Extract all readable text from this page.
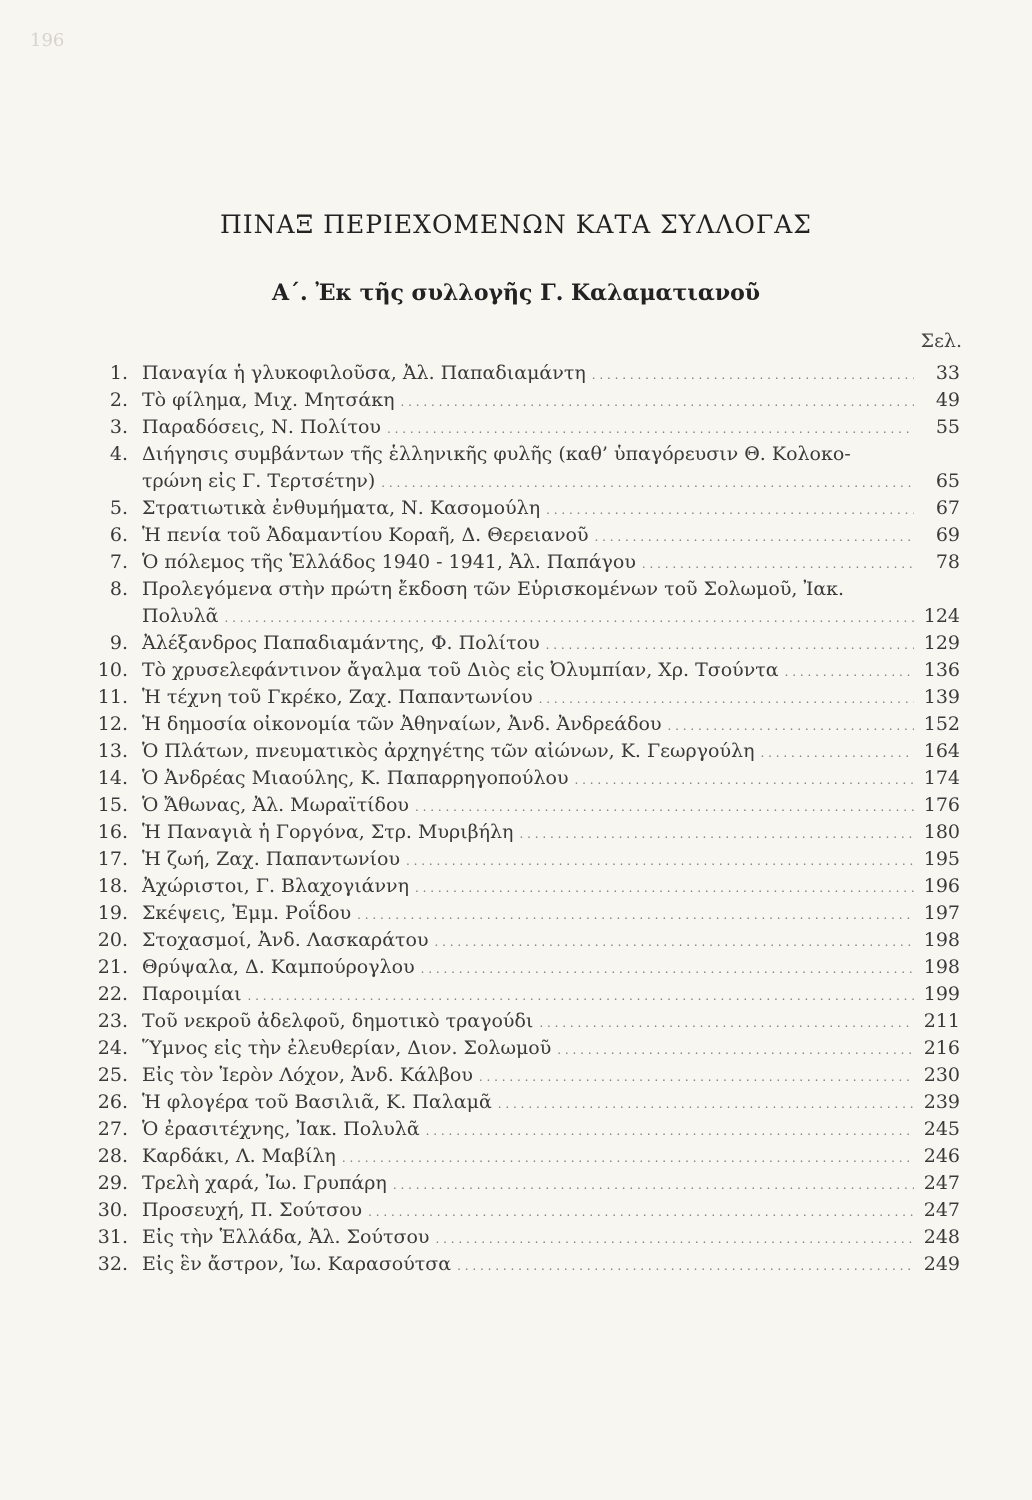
196
ΠΙΝΑΞ ΠΕΡΙΕΧΟΜΕΝΩΝ ΚΑΤΑ ΣΥΛΛΟΓΑΣ
Α΄. Ἐκ τῆς συλλογῆς Γ. Καλαματιανοῦ
Σελ.
1. Παναγία ἡ γλυκοφιλοῦσα, Ἀλ. Παπαδιαμάντη . . .	33
2. Τὸ φίλημα, Μιχ. Μητσάκη . . .	49
3. Παραδόσεις, Ν. Πολίτου . . .	55
4. Διήγησις συμβάντων τῆς ἑλληνικῆς φυλῆς (καθ’ ὑπαγόρευσιν Θ. Κολοκο-
τρώνη εἰς Γ. Τερτσέτην) . . .	65
5. Στρατιωτικὰ ἐνθυμήματα, Ν. Κασομούλη . . .	67
6. Ἡ πενία τοῦ Ἀδαμαντίου Κοραῆ, Δ. Θερειανοῦ . . .	69
7. Ὁ πόλεμος τῆς Ἑλλάδος 1940 - 1941, Ἀλ. Παπάγου . . .	78
8. Προλεγόμενα στὴν πρώτη ἔκδοση τῶν Εὑρισκομένων τοῦ Σολωμοῦ, Ἰακ.
Πολυλᾶ . . .	124
9. Ἀλέξανδρος Παπαδιαμάντης, Φ. Πολίτου . . .	129
10. Τὸ χρυσελεφάντινον ἄγαλμα τοῦ Διὸς εἰς Ὀλυμπίαν, Χρ. Τσούντα . . .	136
11. Ἡ τέχνη τοῦ Γκρέκο, Ζαχ. Παπαντωνίου . . .	139
12. Ἡ δημοσία οἰκονομία τῶν Ἀθηναίων, Ἀνδ. Ἀνδρεάδου . . .	152
13. Ὁ Πλάτων, πνευματικὸς ἀρχηγέτης τῶν αἰώνων, Κ. Γεωργούλη . . .	164
14. Ὁ Ἀνδρέας Μιαούλης, Κ. Παπαρρηγοπούλου . . .	174
15. Ὁ Ἄθωνας, Ἀλ. Μωραϊτίδου . . .	176
16. Ἡ Παναγιὰ ἡ Γοργόνα, Στρ. Μυριβήλη . . .	180
17. Ἡ ζωή, Ζαχ. Παπαντωνίου . . .	195
18. Ἀχώριστοι, Γ. Βλαχογιάννη . . .	196
19. Σκέψεις, Ἐμμ. Ροΐδου . . .	197
20. Στοχασμοί, Ἀνδ. Λασκαράτου . . .	198
21. Θρύψαλα, Δ. Καμπούρογλου . . .	198
22. Παροιμίαι . . .	199
23. Τοῦ νεκροῦ ἀδελφοῦ, δημοτικὸ τραγούδι . . .	211
24. Ὕμνος εἰς τὴν ἐλευθερίαν, Διον. Σολωμοῦ . . .	216
25. Εἰς τὸν Ἱερὸν Λόχον, Ἀνδ. Κάλβου . . .	230
26. Ἡ φλογέρα τοῦ Βασιλιᾶ, Κ. Παλαμᾶ . . .	239
27. Ὁ ἐρασιτέχνης, Ἰακ. Πολυλᾶ . . .	245
28. Καρδάκι, Λ. Μαβίλη . . .	246
29. Τρελὴ χαρά, Ἰω. Γρυπάρη . . .	247
30. Προσευχή, Π. Σούτσου . . .	247
31. Εἰς τὴν Ἑλλάδα, Ἀλ. Σούτσου . . .	248
32. Εἰς ἓν ἄστρον, Ἰω. Καρασούτσα . . .	249
